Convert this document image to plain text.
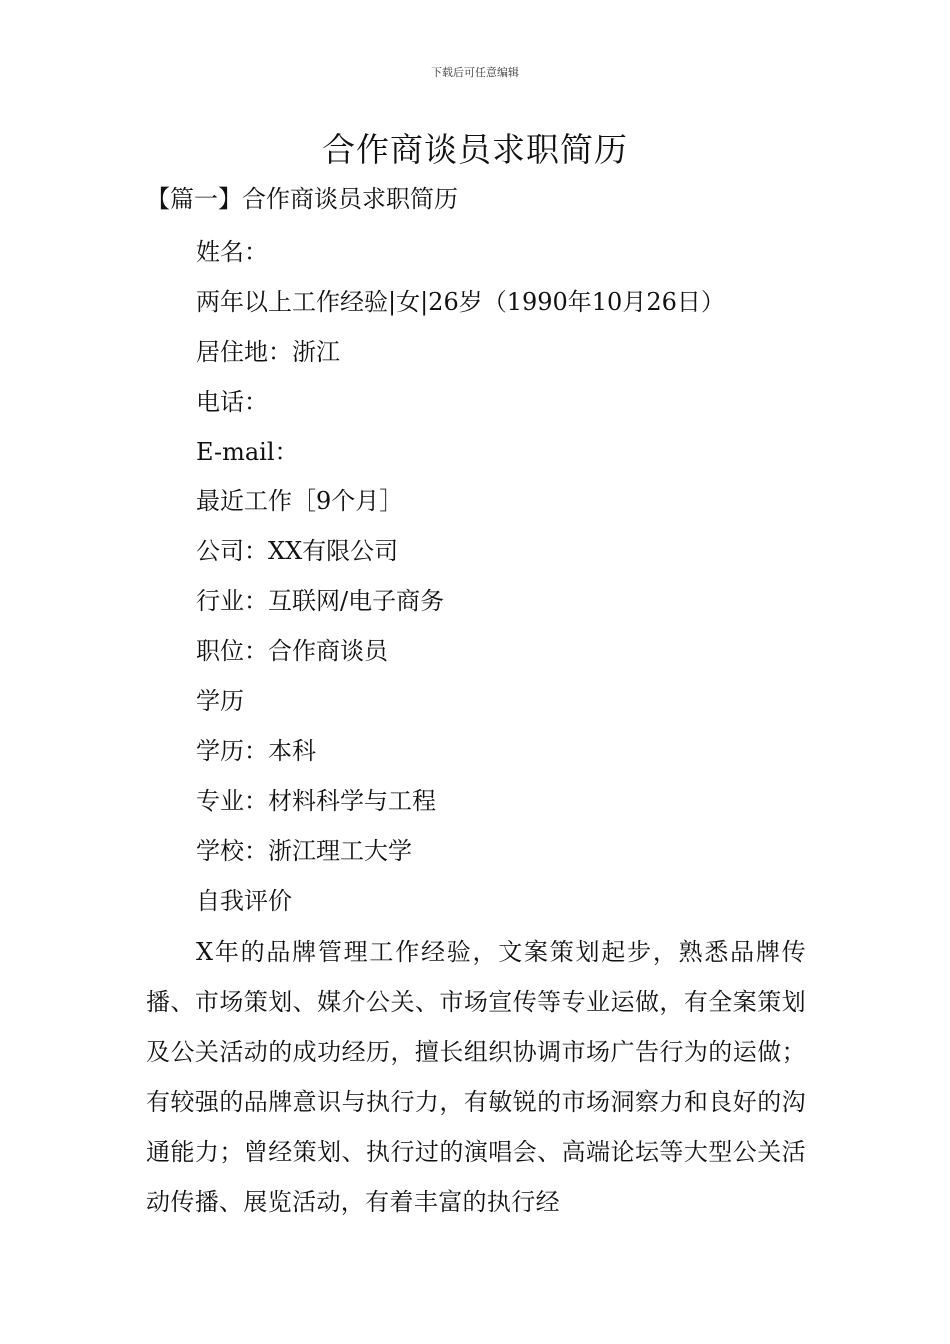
下载后可任意编辑
合作商谈员求职简历
【篇一】合作商谈员求职简历
姓名：
两年以上工作经验|女|26岁（1990年10月26日）
居住地：浙江
电话：
E-mail：
最近工作［9个月］
公司：XX有限公司
行业：互联网/电子商务
职位：合作商谈员
学历
学历：本科
专业：材料科学与工程
学校：浙江理工大学
自我评价

X年的品牌管理工作经验，文案策划起步，熟悉品牌传播、市场策划、媒介公关、市场宣传等专业运做，有全案策划及公关活动的成功经历，擅长组织协调市场广告行为的运做；有较强的品牌意识与执行力，有敏锐的市场洞察力和良好的沟通能力；曾经策划、执行过的演唱会、高端论坛等大型公关活动传播、展览活动，有着丰富的执行经
